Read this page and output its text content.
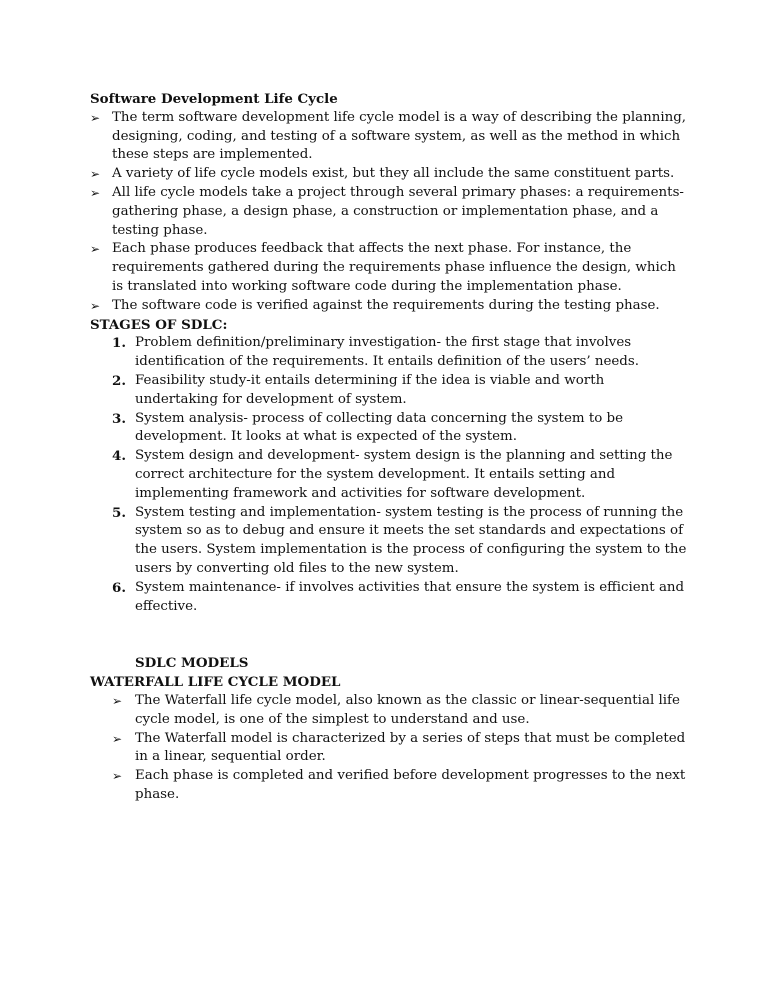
Software Development Life Cycle

➢ The term software development life cycle model is a way of describing the planning, designing, coding, and testing of a software system, as well as the method in which these steps are implemented.
➢ A variety of life cycle models exist, but they all include the same constituent parts.
➢ All life cycle models take a project through several primary phases: a requirements-gathering phase, a design phase, a construction or implementation phase, and a testing phase.
➢ Each phase produces feedback that affects the next phase. For instance, the requirements gathered during the requirements phase influence the design, which is translated into working software code during the implementation phase.
➢ The software code is verified against the requirements during the testing phase.

STAGES OF SDLC:

1. Problem definition/preliminary investigation- the first stage that involves identification of the requirements. It entails definition of the users’ needs.
2. Feasibility study-it entails determining if the idea is viable and worth undertaking for development of system.
3. System analysis- process of collecting data concerning the system to be development. It looks at what is expected of the system.
4. System design and development- system design is the planning and setting the correct architecture for the system development. It entails setting and implementing framework and activities for software development.
5. System testing and implementation- system testing is the process of running the system so as to debug and ensure it meets the set standards and expectations of the users. System implementation is the process of configuring the system to the users by converting old files to the new system.
6. System maintenance- if involves activities that ensure the system is efficient and effective.

SDLC MODELS

WATERFALL LIFE CYCLE MODEL

➢ The Waterfall life cycle model, also known as the classic or linear-sequential life cycle model, is one of the simplest to understand and use.
➢ The Waterfall model is characterized by a series of steps that must be completed in a linear, sequential order.
➢ Each phase is completed and verified before development progresses to the next phase.
